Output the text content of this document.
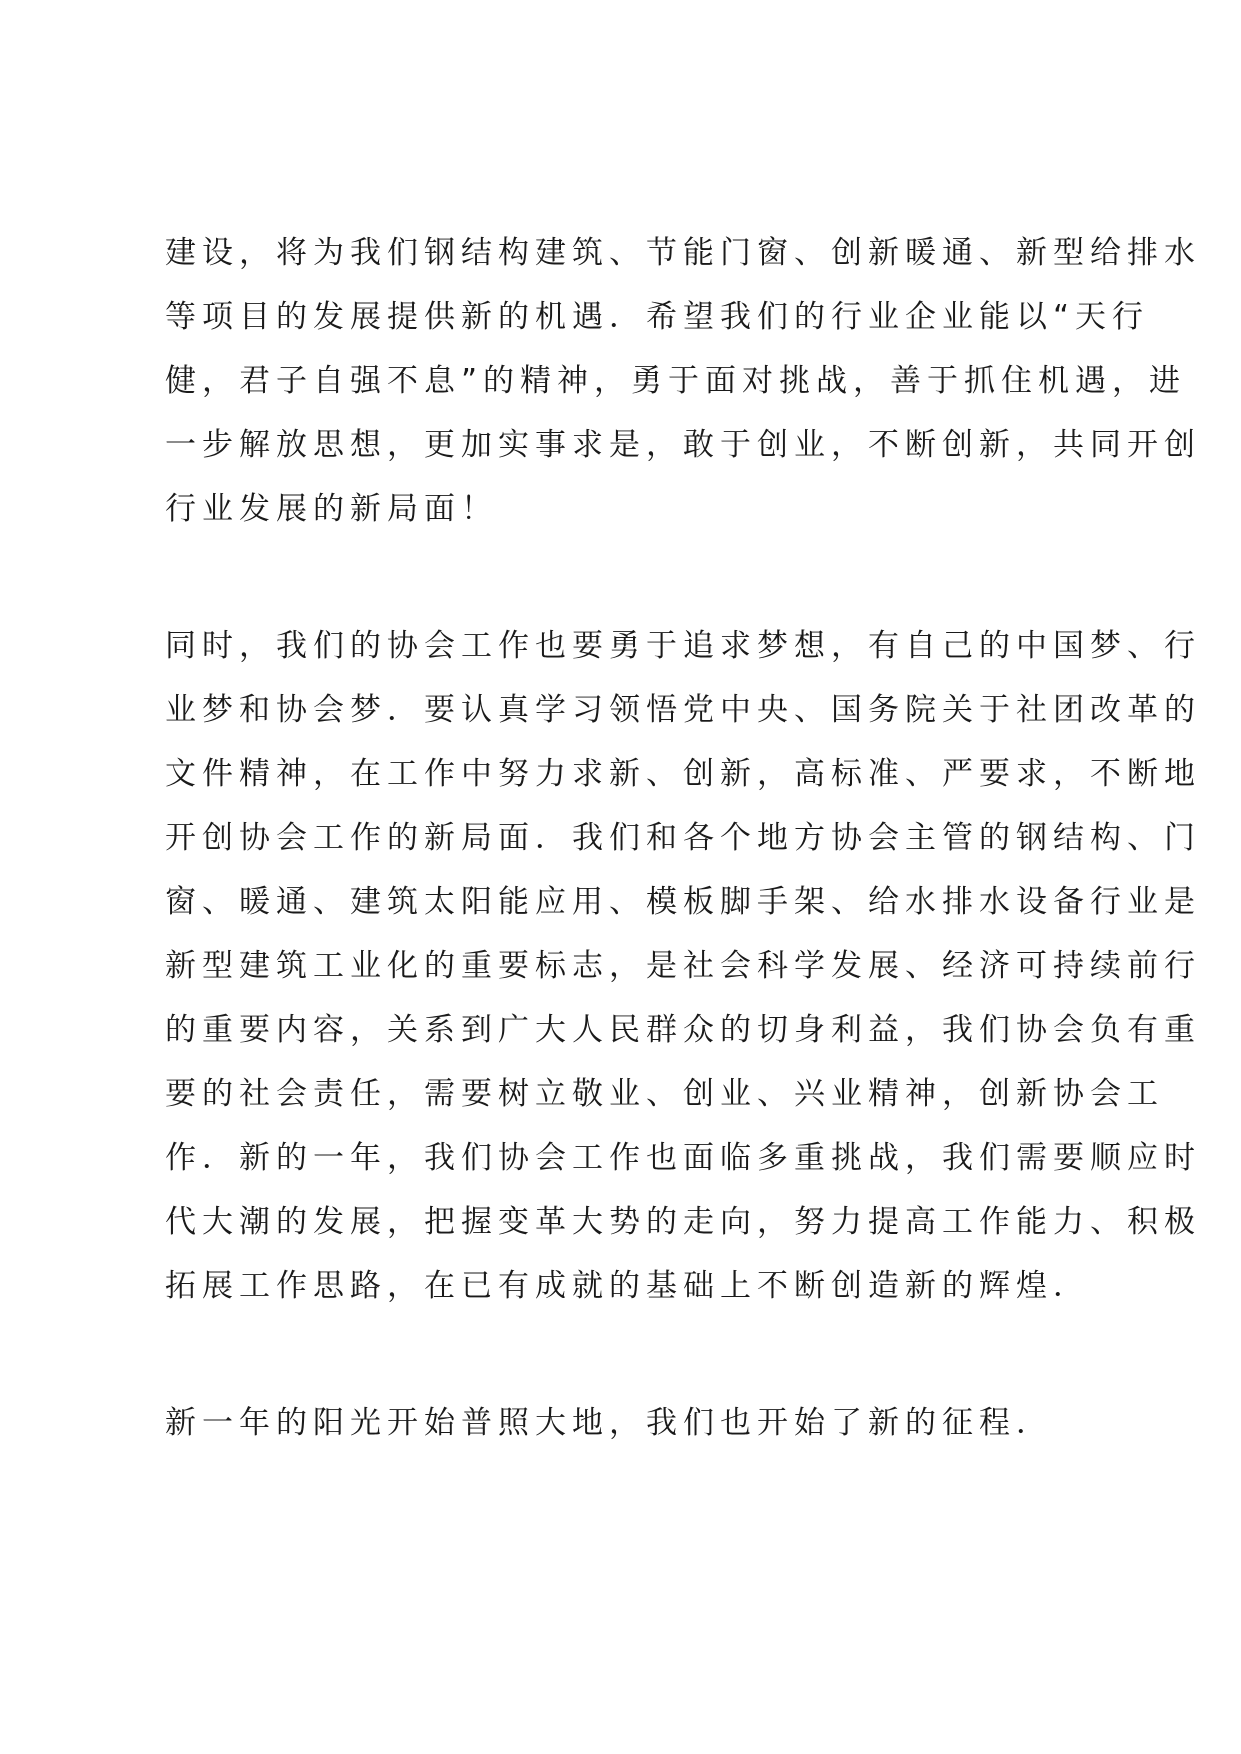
建设，将为我们钢结构建筑、节能门窗、创新暖通、新型给排水
等项目的发展提供新的机遇．希望我们的行业企业能以“天行
健，君子自强不息”的精神，勇于面对挑战，善于抓住机遇，进
一步解放思想，更加实事求是，敢于创业，不断创新，共同开创
行业发展的新局面！
同时，我们的协会工作也要勇于追求梦想，有自己的中国梦、行
业梦和协会梦．要认真学习领悟党中央、国务院关于社团改革的
文件精神，在工作中努力求新、创新，高标准、严要求，不断地
开创协会工作的新局面．我们和各个地方协会主管的钢结构、门
窗、暖通、建筑太阳能应用、模板脚手架、给水排水设备行业是
新型建筑工业化的重要标志，是社会科学发展、经济可持续前行
的重要内容，关系到广大人民群众的切身利益，我们协会负有重
要的社会责任，需要树立敬业、创业、兴业精神，创新协会工
作．新的一年，我们协会工作也面临多重挑战，我们需要顺应时
代大潮的发展，把握变革大势的走向，努力提高工作能力、积极
拓展工作思路，在已有成就的基础上不断创造新的辉煌．
新一年的阳光开始普照大地，我们也开始了新的征程．
